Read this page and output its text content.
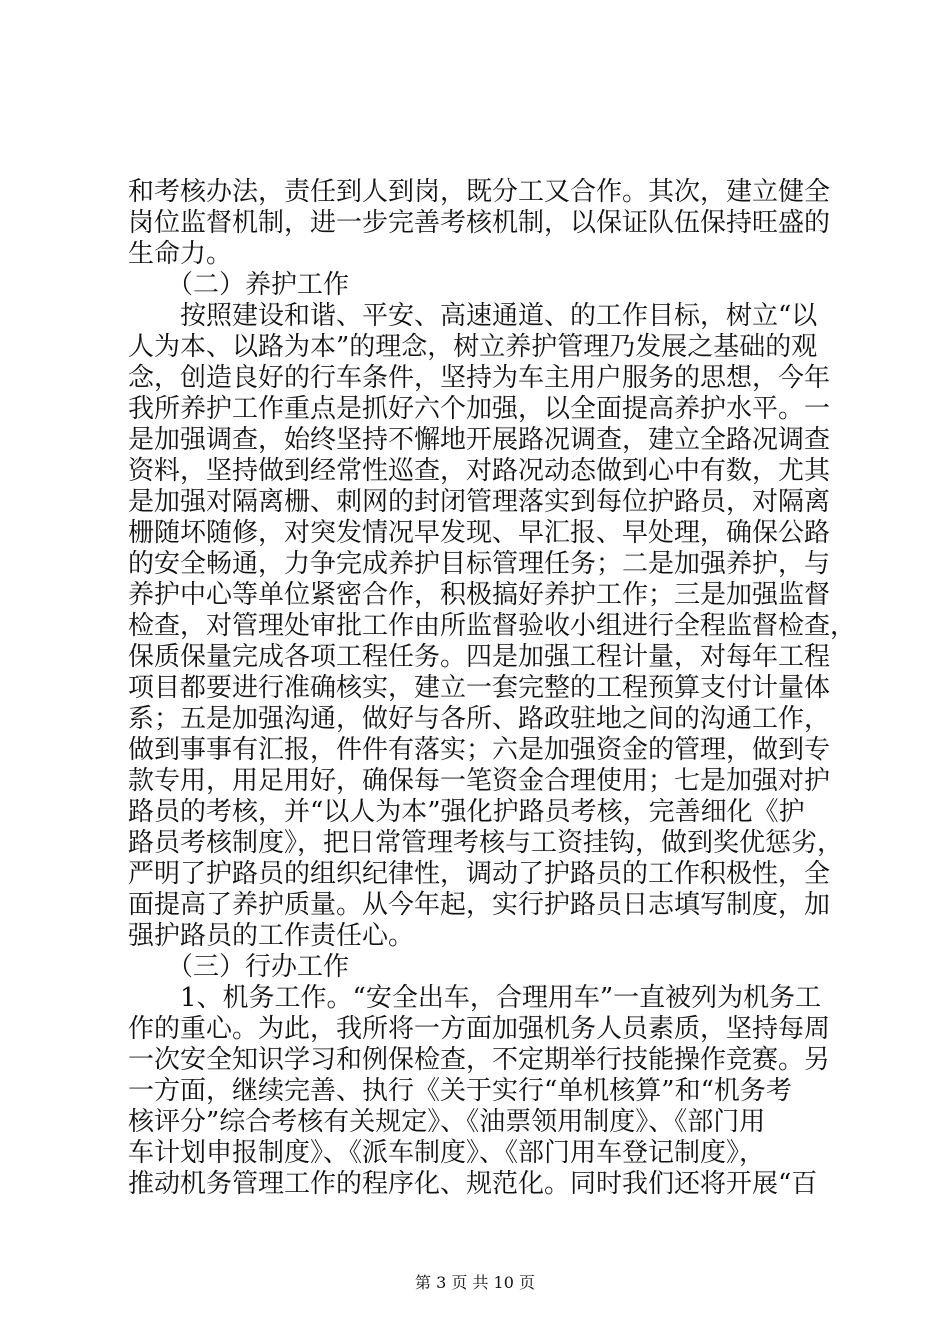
和考核办法，责任到人到岗，既分工又合作。其次，建立健全
岗位监督机制，进一步完善考核机制，以保证队伍保持旺盛的
生命力。
　　（二）养护工作
　　按照建设和谐、平安、高速通道、的工作目标，树立“以
人为本、以路为本”的理念，树立养护管理乃发展之基础的观
念，创造良好的行车条件，坚持为车主用户服务的思想，今年
我所养护工作重点是抓好六个加强，以全面提高养护水平。一
是加强调查，始终坚持不懈地开展路况调查，建立全路况调查
资料，坚持做到经常性巡查，对路况动态做到心中有数，尤其
是加强对隔离栅、刺网的封闭管理落实到每位护路员，对隔离
栅随坏随修，对突发情况早发现、早汇报、早处理，确保公路
的安全畅通，力争完成养护目标管理任务；二是加强养护，与
养护中心等单位紧密合作，积极搞好养护工作；三是加强监督
检查，对管理处审批工作由所监督验收小组进行全程监督检查，
保质保量完成各项工程任务。四是加强工程计量，对每年工程
项目都要进行准确核实，建立一套完整的工程预算支付计量体
系；五是加强沟通，做好与各所、路政驻地之间的沟通工作，
做到事事有汇报，件件有落实；六是加强资金的管理，做到专
款专用，用足用好，确保每一笔资金合理使用；七是加强对护
路员的考核，并“以人为本”强化护路员考核，完善细化《护
路员考核制度》，把日常管理考核与工资挂钩，做到奖优惩劣，
严明了护路员的组织纪律性，调动了护路员的工作积极性，全
面提高了养护质量。从今年起，实行护路员日志填写制度，加
强护路员的工作责任心。
　　（三）行办工作
　　1、机务工作。“安全出车，合理用车”一直被列为机务工
作的重心。为此，我所将一方面加强机务人员素质，坚持每周
一次安全知识学习和例保检查，不定期举行技能操作竞赛。另
一方面，继续完善、执行《关于实行“单机核算”和“机务考
核评分”综合考核有关规定》、《油票领用制度》、《部门用
车计划申报制度》、《派车制度》、《部门用车登记制度》，
推动机务管理工作的程序化、规范化。同时我们还将开展“百
第 3 页 共 10 页
